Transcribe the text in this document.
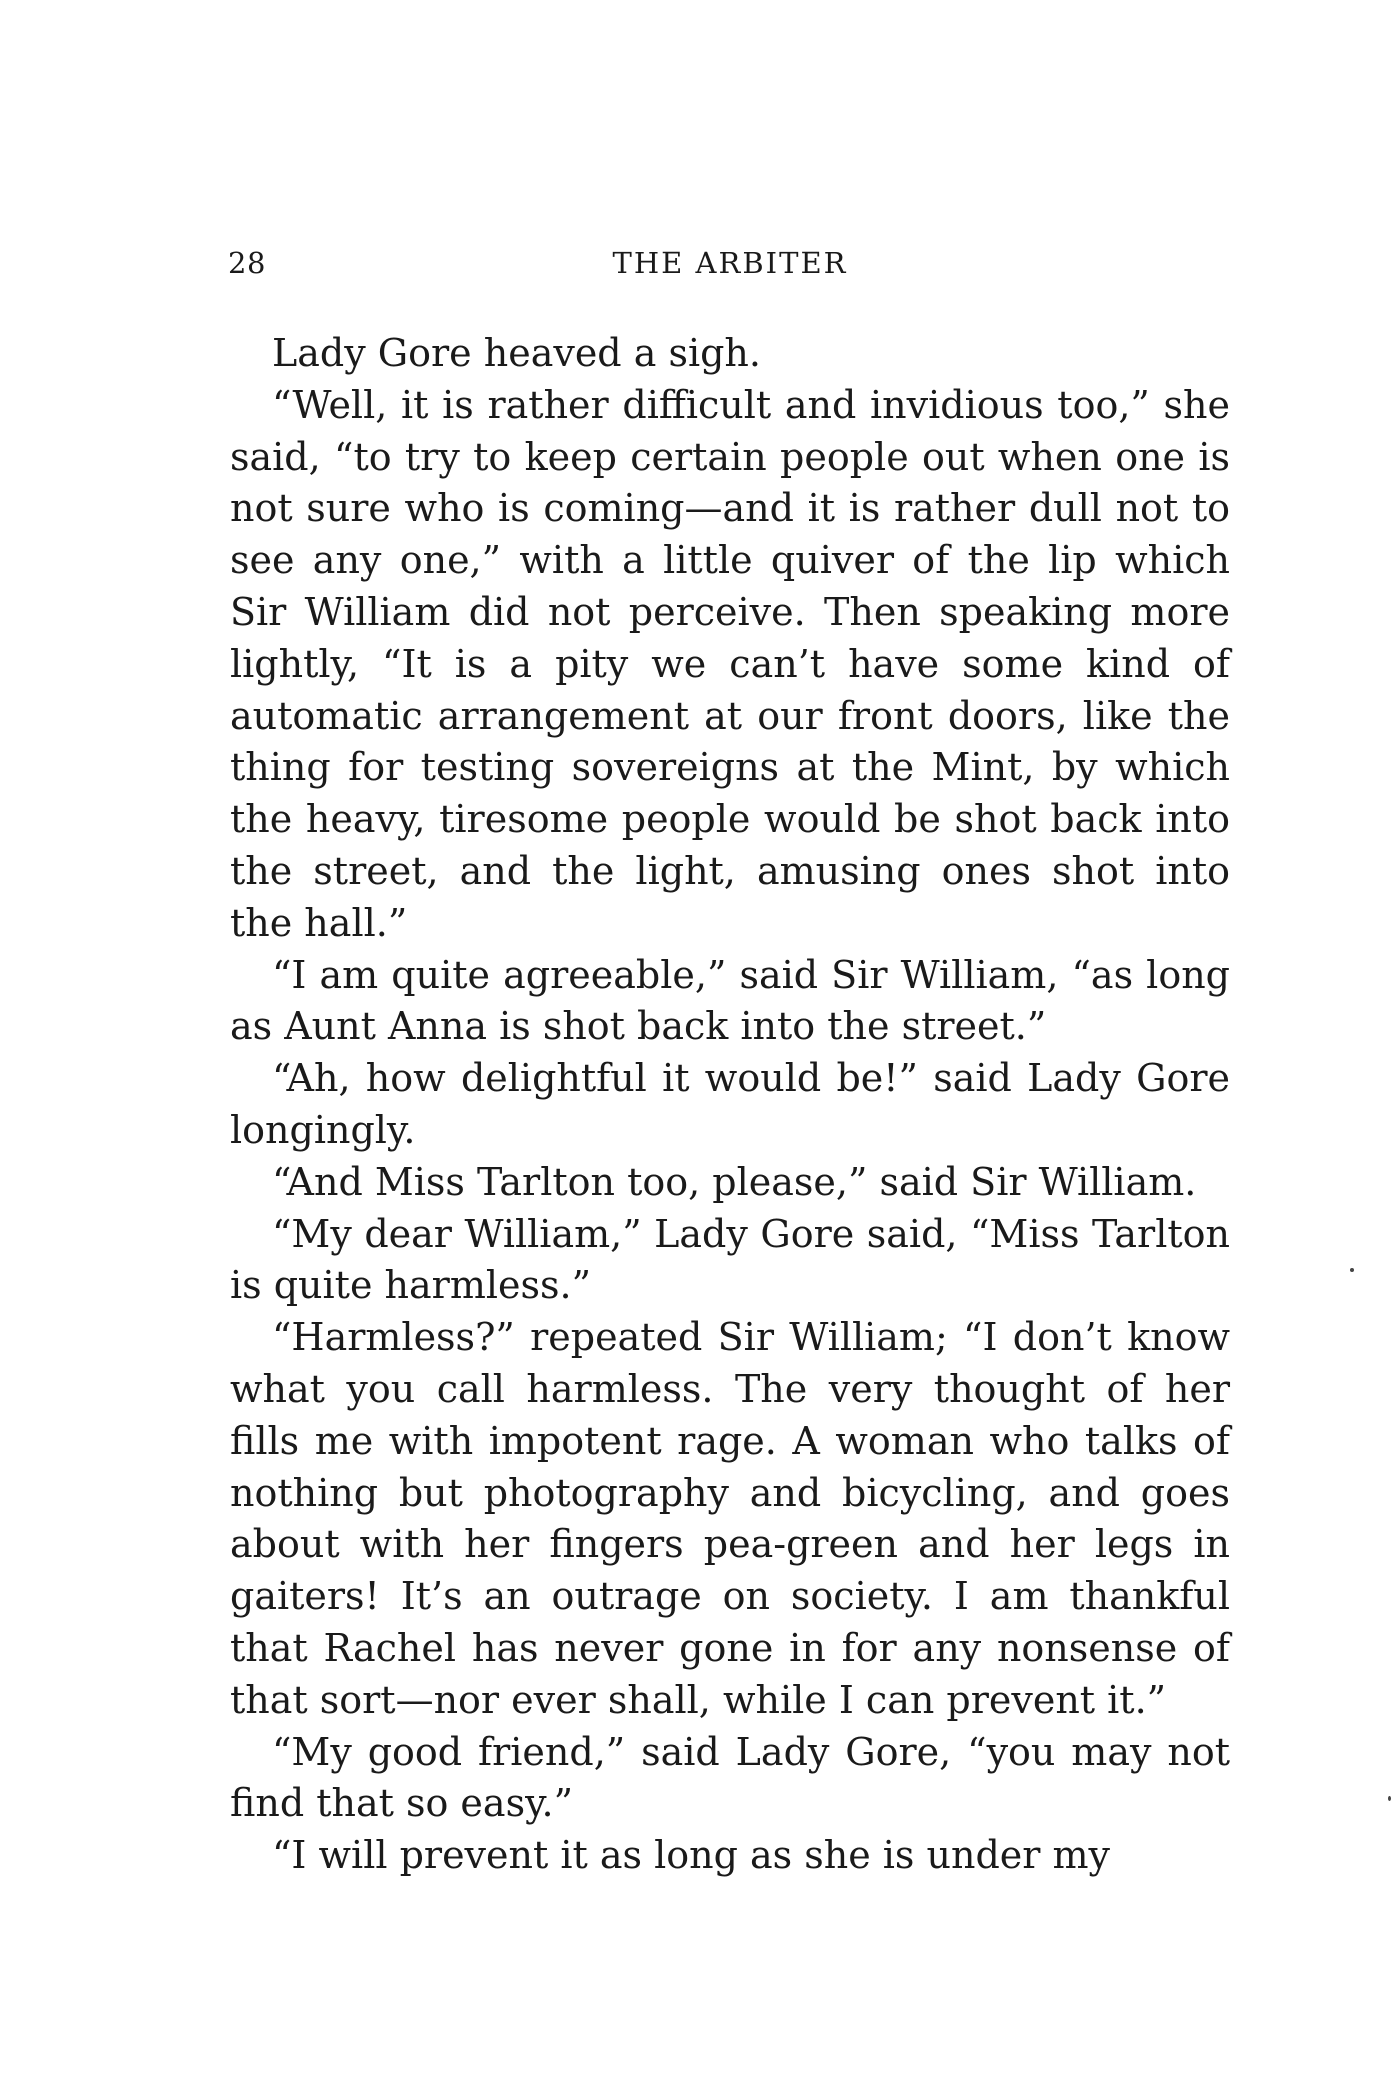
28	THE ARBITER

Lady Gore heaved a sigh.

“Well, it is rather difficult and invidious too,” she said, “to try to keep certain people out when one is not sure who is coming—and it is rather dull not to see any one,” with a little quiver of the lip which Sir William did not perceive. Then speaking more lightly, “It is a pity we can’t have some kind of automatic arrangement at our front doors, like the thing for testing sovereigns at the Mint, by which the heavy, tiresome people would be shot back into the street, and the light, amusing ones shot into the hall.”

“I am quite agreeable,” said Sir William, “as long as Aunt Anna is shot back into the street.”

“Ah, how delightful it would be!” said Lady Gore longingly.

“And Miss Tarlton too, please,” said Sir William.

“My dear William,” Lady Gore said, “Miss Tarlton is quite harmless.”

“Harmless?” repeated Sir William; “I don’t know what you call harmless. The very thought of her fills me with impotent rage. A woman who talks of nothing but photography and bicycling, and goes about with her fingers pea-green and her legs in gaiters! It’s an outrage on society. I am thankful that Rachel has never gone in for any nonsense of that sort—nor ever shall, while I can prevent it.”

“My good friend,” said Lady Gore, “you may not find that so easy.”

“I will prevent it as long as she is under my
